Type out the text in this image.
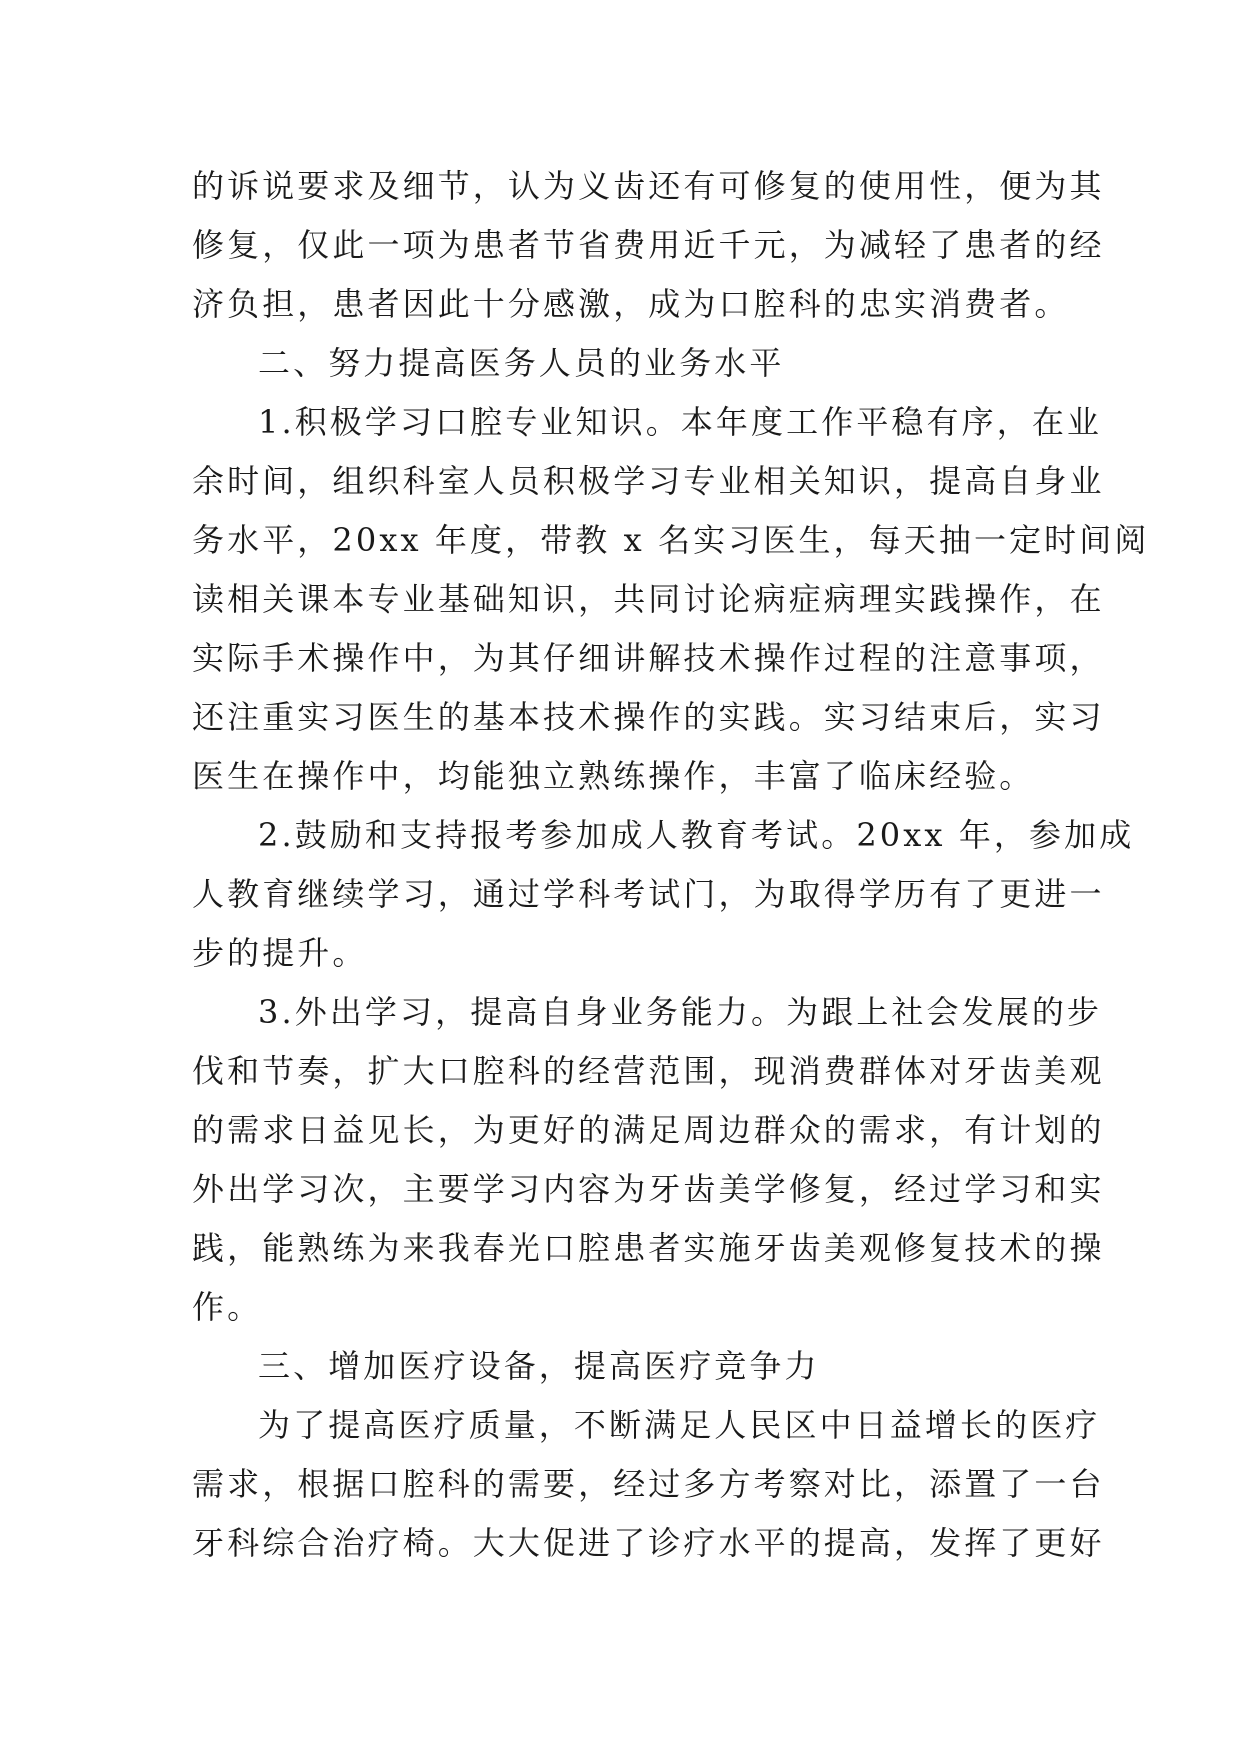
的诉说要求及细节，认为义齿还有可修复的使用性，便为其
修复，仅此一项为患者节省费用近千元，为减轻了患者的经
济负担，患者因此十分感激，成为口腔科的忠实消费者。
二、努力提高医务人员的业务水平
1.积极学习口腔专业知识。本年度工作平稳有序，在业
余时间，组织科室人员积极学习专业相关知识，提高自身业
务水平，20xx 年度，带教 x 名实习医生，每天抽一定时间阅
读相关课本专业基础知识，共同讨论病症病理实践操作，在
实际手术操作中，为其仔细讲解技术操作过程的注意事项，
还注重实习医生的基本技术操作的实践。实习结束后，实习
医生在操作中，均能独立熟练操作，丰富了临床经验。
2.鼓励和支持报考参加成人教育考试。20xx 年，参加成
人教育继续学习，通过学科考试门，为取得学历有了更进一
步的提升。
3.外出学习，提高自身业务能力。为跟上社会发展的步
伐和节奏，扩大口腔科的经营范围，现消费群体对牙齿美观
的需求日益见长，为更好的满足周边群众的需求，有计划的
外出学习次，主要学习内容为牙齿美学修复，经过学习和实
践，能熟练为来我春光口腔患者实施牙齿美观修复技术的操
作。
三、增加医疗设备，提高医疗竞争力
为了提高医疗质量，不断满足人民区中日益增长的医疗
需求，根据口腔科的需要，经过多方考察对比，添置了一台
牙科综合治疗椅。大大促进了诊疗水平的提高，发挥了更好
